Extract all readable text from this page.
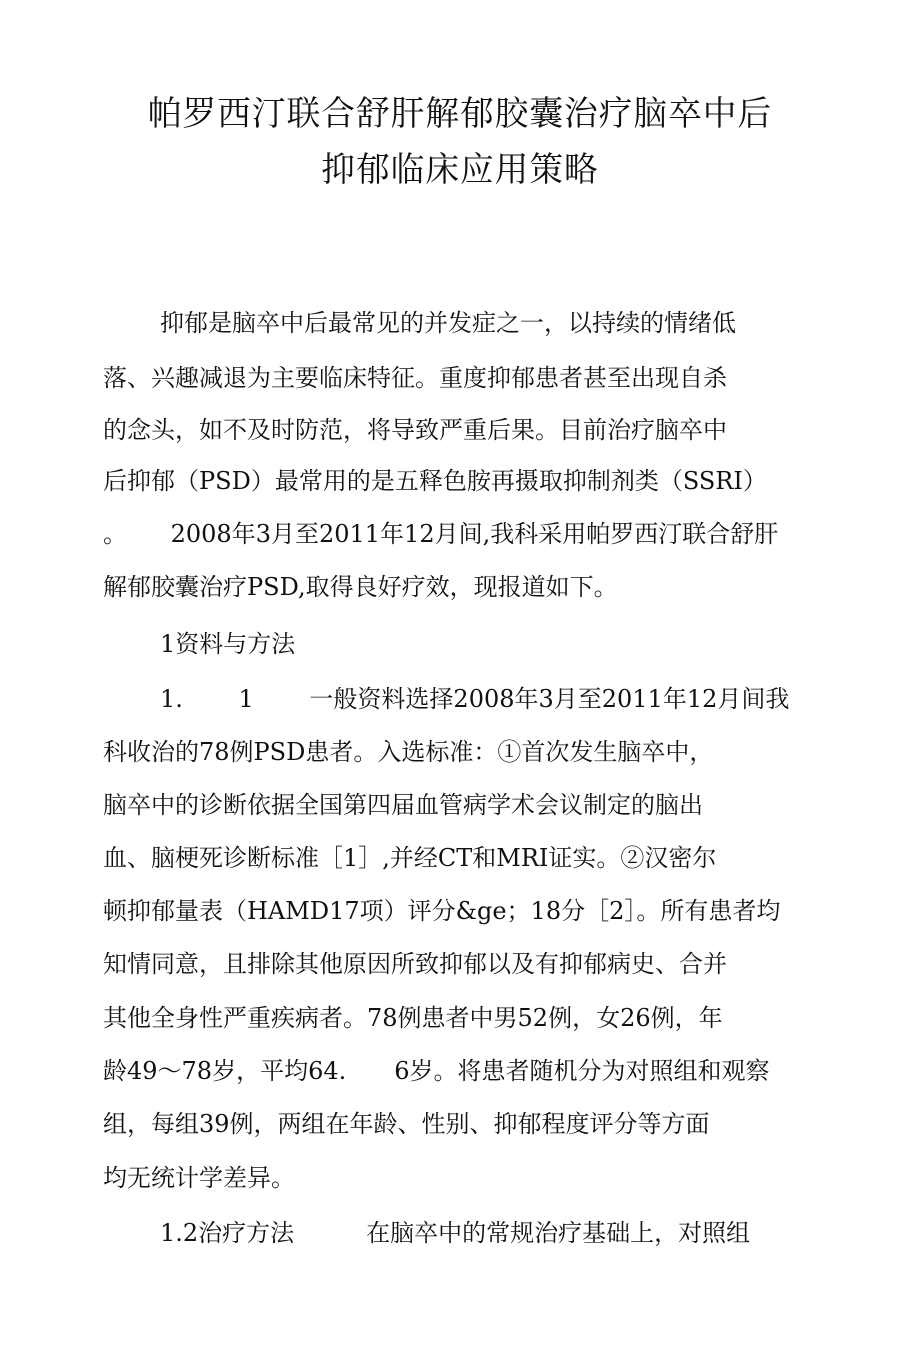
帕罗西汀联合舒肝解郁胶囊治疗脑卒中后
抑郁临床应用策略
抑郁是脑卒中后最常见的并发症之一，以持续的情绪低
落、兴趣减退为主要临床特征。重度抑郁患者甚至出现自杀
的念头，如不及时防范，将导致严重后果。目前治疗脑卒中
后抑郁（PSD）最常用的是五释色胺再摄取抑制剂类（SSRI）
。　　 2008年3月至2011年12月间,我科采用帕罗西汀联合舒肝
解郁胶囊治疗PSD,取得良好疗效，现报道如下。
1资料与方法
1.　　 1　　 一般资料选择2008年3月至2011年12月间我
科收治的78例PSD患者。入选标准：①首次发生脑卒中，
脑卒中的诊断依据全国第四届血管病学术会议制定的脑出
血、脑梗死诊断标准［1］,并经CT和MRI证实。②汉密尔
顿抑郁量表（HAMD17项）评分&ge；18分［2］。所有患者均
知情同意，且排除其他原因所致抑郁以及有抑郁病史、合并
其他全身性严重疾病者。78例患者中男52例，女26例，年
龄49〜78岁，平均64.　　6岁。将患者随机分为对照组和观察
组，每组39例，两组在年龄、性别、抑郁程度评分等方面
均无统计学差异。
1.2治疗方法　　　在脑卒中的常规治疗基础上，对照组
